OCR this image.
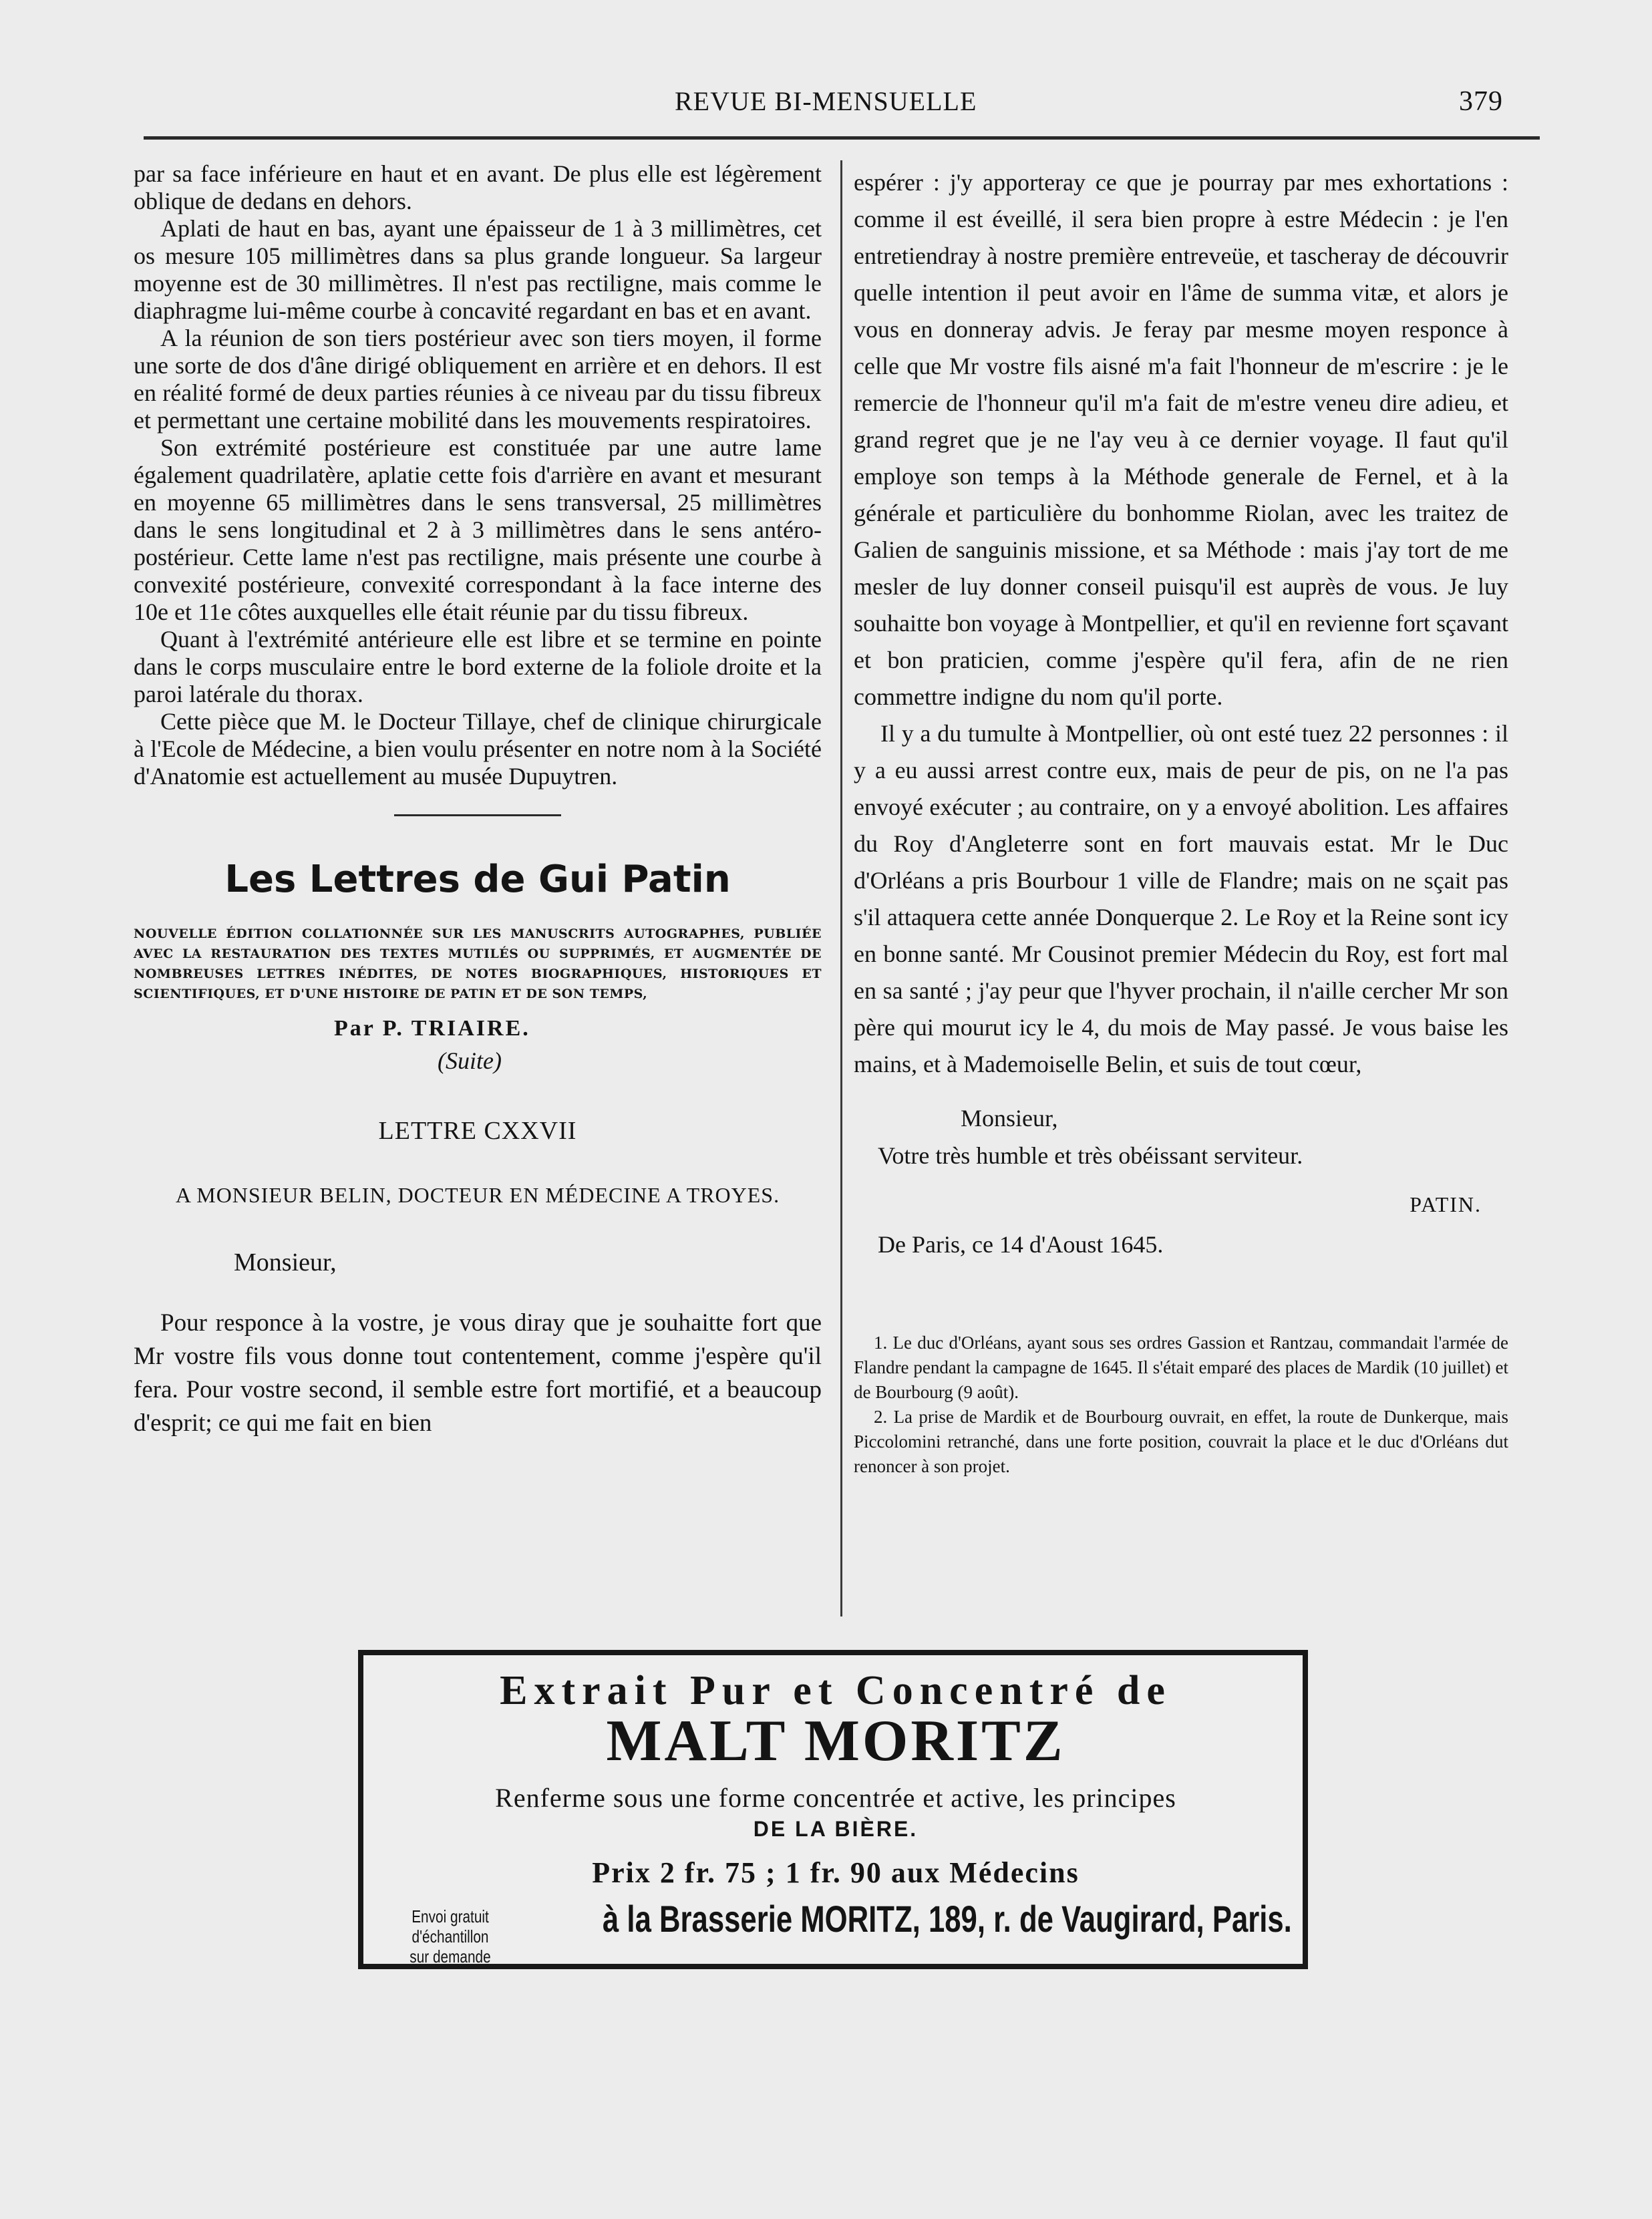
REVUE BI-MENSUELLE	379

par sa face inférieure en haut et en avant. De plus elle est légèrement oblique de dedans en dehors.

Aplati de haut en bas, ayant une épaisseur de 1 à 3 millimètres, cet os mesure 105 millimètres dans sa plus grande longueur. Sa largeur moyenne est de 30 millimètres. Il n'est pas rectiligne, mais comme le diaphragme lui-même courbe à concavité regardant en bas et en avant.

A la réunion de son tiers postérieur avec son tiers moyen, il forme une sorte de dos d'âne dirigé obliquement en arrière et en dehors. Il est en réalité formé de deux parties réunies à ce niveau par du tissu fibreux et permettant une certaine mobilité dans les mouvements respiratoires.

Son extrémité postérieure est constituée par une autre lame également quadrilatère, aplatie cette fois d'arrière en avant et mesurant en moyenne 65 millimètres dans le sens transversal, 25 millimètres dans le sens longitudinal et 2 à 3 millimètres dans le sens antéro-postérieur. Cette lame n'est pas rectiligne, mais présente une courbe à convexité postérieure, convexité correspondant à la face interne des 10e et 11e côtes auxquelles elle était réunie par du tissu fibreux.

Quant à l'extrémité antérieure elle est libre et se termine en pointe dans le corps musculaire entre le bord externe de la foliole droite et la paroi latérale du thorax.

Cette pièce que M. le Docteur Tillaye, chef de clinique chirurgicale à l'Ecole de Médecine, a bien voulu présenter en notre nom à la Société d'Anatomie est actuellement au musée Dupuytren.

Les Lettres de Gui Patin

NOUVELLE ÉDITION COLLATIONNÉE SUR LES MANUSCRITS AUTOGRAPHES, PUBLIÉE AVEC LA RESTAURATION DES TEXTES MUTILÉS OU SUPPRIMÉS, ET AUGMENTÉE DE NOMBREUSES LETTRES INÉDITES, DE NOTES BIOGRAPHIQUES, HISTORIQUES ET SCIENTIFIQUES, ET D'UNE HISTOIRE DE PATIN ET DE SON TEMPS,

Par P. TRIAIRE.
(Suite)
LETTRE CXXVII
A MONSIEUR BELIN, DOCTEUR EN MÉDECINE A TROYES.
Monsieur,

Pour responce à la vostre, je vous diray que je souhaitte fort que Mr vostre fils vous donne tout contentement, comme j'espère qu'il fera. Pour vostre second, il semble estre fort mortifié, et a beaucoup d'esprit; ce qui me fait en bien

espérer : j'y apporteray ce que je pourray par mes exhortations : comme il est éveillé, il sera bien propre à estre Médecin : je l'en entretiendray à nostre première entreveüe, et tascheray de découvrir quelle intention il peut avoir en l'âme de summa vitæ, et alors je vous en donneray advis. Je feray par mesme moyen responce à celle que Mr vostre fils aisné m'a fait l'honneur de m'escrire : je le remercie de l'honneur qu'il m'a fait de m'estre veneu dire adieu, et grand regret que je ne l'ay veu à ce dernier voyage. Il faut qu'il employe son temps à la Méthode generale de Fernel, et à la générale et particulière du bonhomme Riolan, avec les traitez de Galien de sanguinis missione, et sa Méthode : mais j'ay tort de me mesler de luy donner conseil puisqu'il est auprès de vous. Je luy souhaitte bon voyage à Montpellier, et qu'il en revienne fort sçavant et bon praticien, comme j'espère qu'il fera, afin de ne rien commettre indigne du nom qu'il porte.

Il y a du tumulte à Montpellier, où ont esté tuez 22 personnes : il y a eu aussi arrest contre eux, mais de peur de pis, on ne l'a pas envoyé exécuter ; au contraire, on y a envoyé abolition. Les affaires du Roy d'Angleterre sont en fort mauvais estat. Mr le Duc d'Orléans a pris Bourbour 1 ville de Flandre; mais on ne sçait pas s'il attaquera cette année Donquerque 2. Le Roy et la Reine sont icy en bonne santé. Mr Cousinot premier Médecin du Roy, est fort mal en sa santé ; j'ay peur que l'hyver prochain, il n'aille cercher Mr son père qui mourut icy le 4, du mois de May passé. Je vous baise les mains, et à Mademoiselle Belin, et suis de tout cœur,

Monsieur,

Votre très humble et très obéissant serviteur.

PATIN.

De Paris, ce 14 d'Aoust 1645.

1. Le duc d'Orléans, ayant sous ses ordres Gassion et Rantzau, commandait l'armée de Flandre pendant la campagne de 1645. Il s'était emparé des places de Mardik (10 juillet) et de Bourbourg (9 août).

2. La prise de Mardik et de Bourbourg ouvrait, en effet, la route de Dunkerque, mais Piccolomini retranché, dans une forte position, couvrait la place et le duc d'Orléans dut renoncer à son projet.

Extrait Pur et Concentré de
MALT MORITZ
Renferme sous une forme concentrée et active, les principes
DE LA BIÈRE.
Prix 2 fr. 75 ; 1 fr. 90 aux Médecins
Envoi gratuit d'échantillon
sur demande
à la Brasserie MORITZ, 189, r. de Vaugirard, Paris.
